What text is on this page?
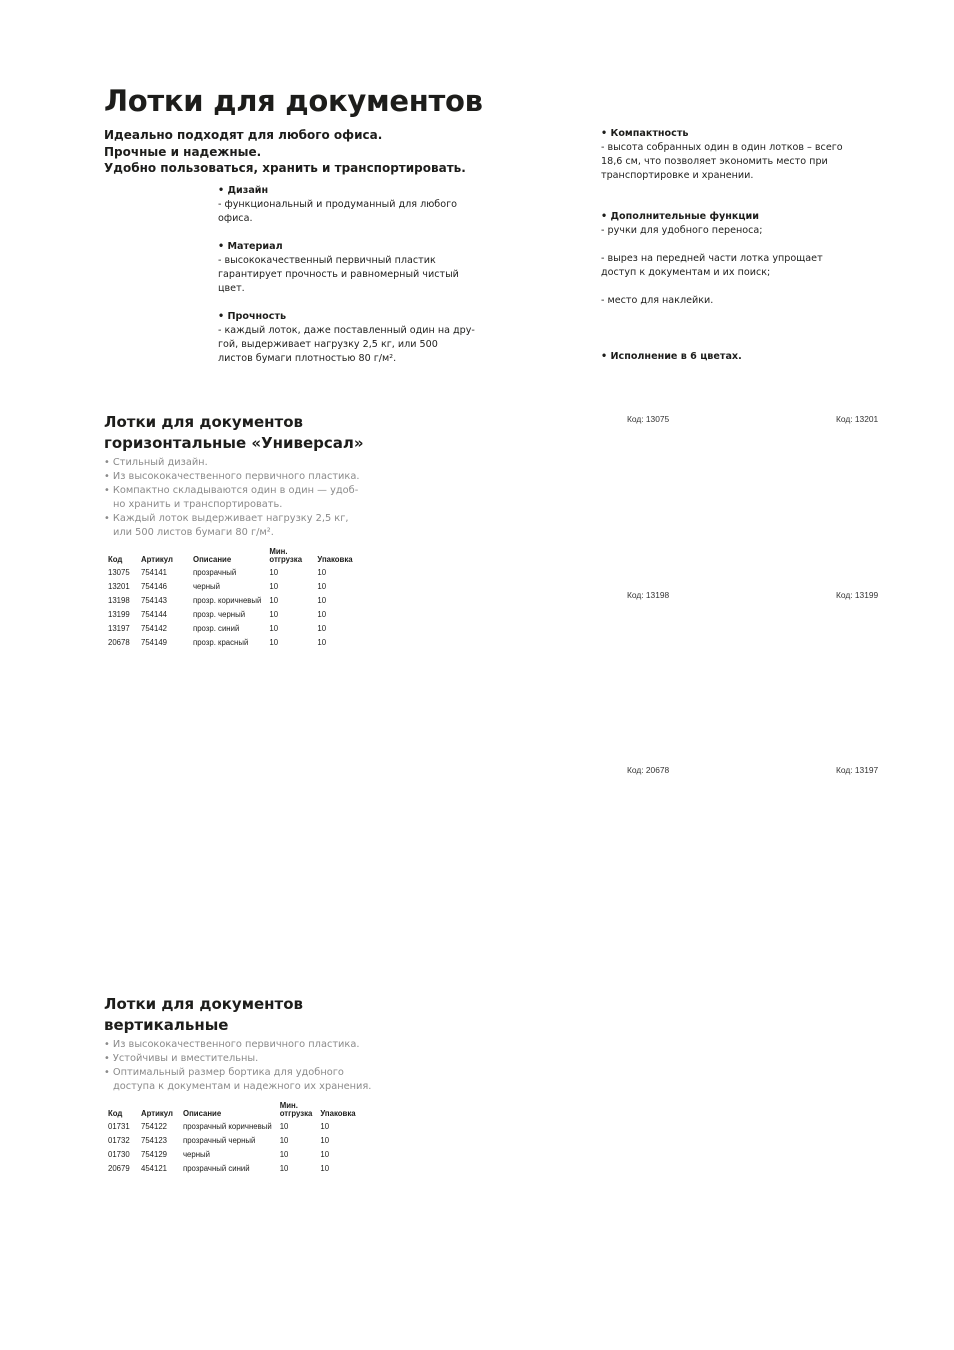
Лотки для документов
Идеально подходят для любого офиса.
Прочные и надежные.
Удобно пользоваться, хранить и транспортировать.
• Дизайн
- функциональный и продуманный для любого
офиса.
• Материал
- высококачественный первичный пластик
гарантирует прочность и равномерный чистый
цвет.
• Прочность
- каждый лоток, даже поставленный один на дру-
гой, выдерживает нагрузку 2,5 кг, или 500
листов бумаги плотностью 80 г/м².
• Компактность
- высота собранных один в один лотков – всего
18,6 см, что позволяет экономить место при
транспортировке и хранении.
• Дополнительные функции
- ручки для удобного переноса;

- вырез на передней части лотка упрощает
доступ к документам и их поиск;

- место для наклейки.
• Исполнение в 6 цветах.
Лотки для документов
горизонтальные «Универсал»
• Стильный дизайн.
• Из высококачественного первичного пластика.
• Компактно складываются один в один — удоб-
но хранить и транспортировать.
• Каждый лоток выдерживает нагрузку 2,5 кг,
или 500 листов бумаги 80 г/м².
Код	Артикул	Описание	Мин.
отгрузка	Упаковка
13075	754141	прозрачный	10	10
13201	754146	черный	10	10
13198	754143	прозр. коричневый	10	10
13199	754144	прозр. черный	10	10
13197	754142	прозр. синий	10	10
20678	754149	прозр. красный	10	10
Код: 13075	Код: 13201
Код: 13198	Код: 13199
Код: 20678	Код: 13197
Лотки для документов
вертикальные
• Из высококачественного первичного пластика.
• Устойчивы и вместительны.
• Оптимальный размер бортика для удобного
доступа к документам и надежного их хранения.
Код	Артикул	Описание	Мин.
отгрузка	Упаковка
01731	754122	прозрачный коричневый	10	10
01732	754123	прозрачный черный	10	10
01730	754129	черный	10	10
20679	454121	прозрачный синий	10	10
